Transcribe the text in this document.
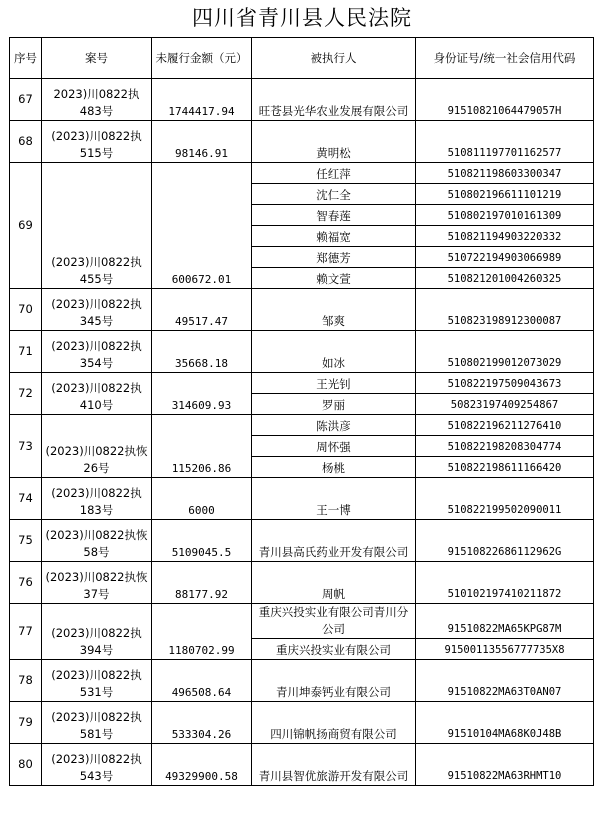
四川省青川县人民法院
序号	案号	未履行金额（元）	被执行人	身份证号/统一社会信用代码
67	2023)川0822执483号	1744417.94	旺苍县光华农业发展有限公司	91510821064479057H
68	(2023)川0822执515号	98146.91	黄明松	510811197701162577
69	(2023)川0822执455号	600672.01	任红萍	510821198603300347
			沈仁全	510802196611101219
			智春莲	510802197010161309
			赖福宽	510821194903220332
			郑德芳	510722194903066989
			赖文萱	510821201004260325
70	(2023)川0822执345号	49517.47	邹爽	510823198912300087
71	(2023)川0822执354号	35668.18	如冰	510802199012073029
72	(2023)川0822执410号	314609.93	王光钊	510822197509043673
			罗丽	50823197409254867
73	(2023)川0822执恢26号	115206.86	陈洪彦	510822196211276410
			周怀强	510822198208304774
			杨桃	510822198611166420
74	(2023)川0822执183号	6000	王一博	510822199502090011
75	(2023)川0822执恢58号	5109045.5	青川县高氏药业开发有限公司	91510822686112962G
76	(2023)川0822执恢37号	88177.92	周帆	510102197410211872
77	(2023)川0822执394号	1180702.99	重庆兴投实业有限公司青川分公司	91510822MA65KPG87M
			重庆兴投实业有限公司	91500113556777735X8
78	(2023)川0822执531号	496508.64	青川坤泰钙业有限公司	91510822MA63T0AN07
79	(2023)川0822执581号	533304.26	四川锦帆扬商贸有限公司	91510104MA68K0J48B
80	(2023)川0822执543号	49329900.58	青川县智优旅游开发有限公司	91510822MA63RHMT10
